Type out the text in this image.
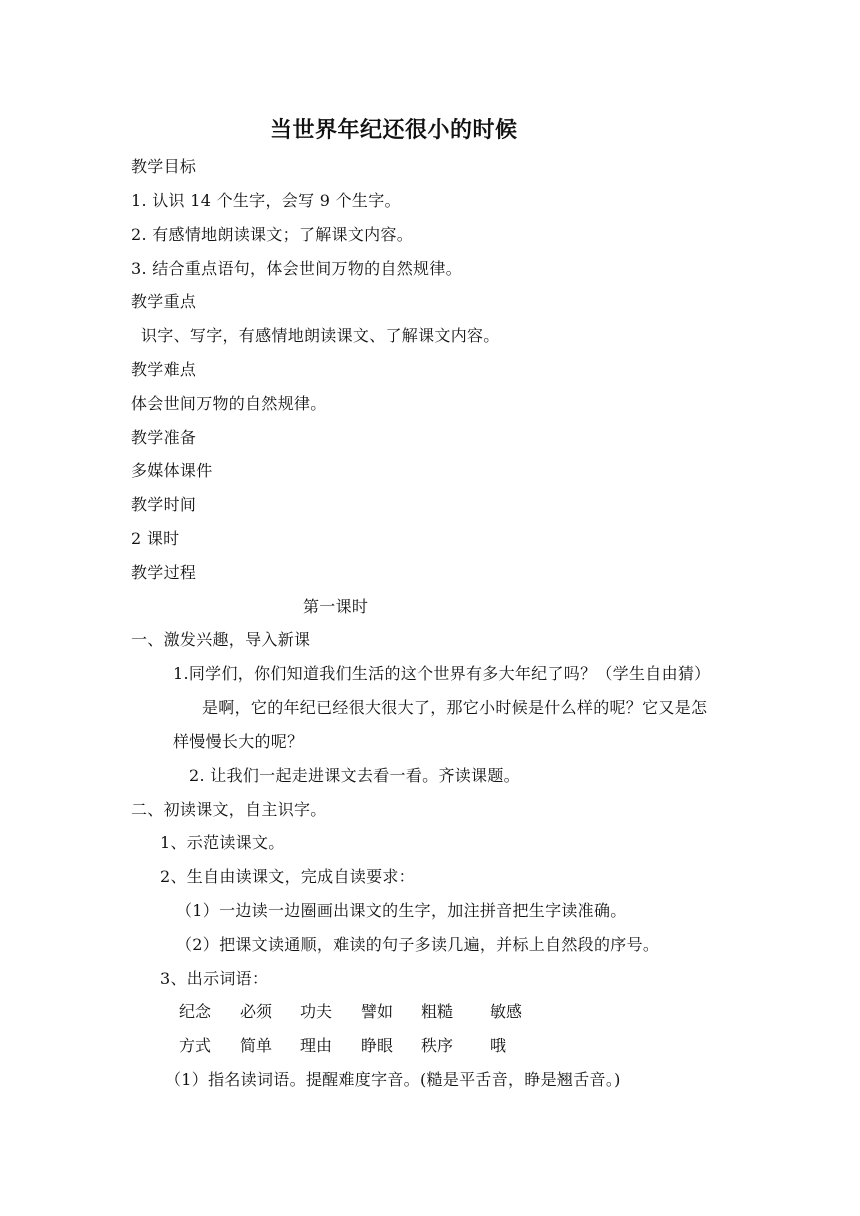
当世界年纪还很小的时候
教学目标
1. 认识 14 个生字，会写 9 个生字。
2. 有感情地朗读课文；了解课文内容。
3. 结合重点语句，体会世间万物的自然规律。
教学重点
识字、写字，有感情地朗读课文、了解课文内容。
教学难点
体会世间万物的自然规律。
教学准备
多媒体课件
教学时间
2 课时
教学过程
第一课时
一、激发兴趣，导入新课
1.同学们，你们知道我们生活的这个世界有多大年纪了吗？（学生自由猜）
是啊，它的年纪已经很大很大了，那它小时候是什么样的呢？它又是怎
样慢慢长大的呢？
2. 让我们一起走进课文去看一看。齐读课题。
二、初读课文，自主识字。
1、示范读课文。
2、生自由读课文，完成自读要求：
（1）一边读一边圈画出课文的生字，加注拼音把生字读准确。
（2）把课文读通顺，难读的句子多读几遍，并标上自然段的序号。
3、出示词语：
纪念 必须 功夫 譬如 粗糙 敏感
方式 简单 理由 睁眼 秩序 哦
（1）指名读词语。提醒难度字音。(糙是平舌音，睁是翘舌音。)
